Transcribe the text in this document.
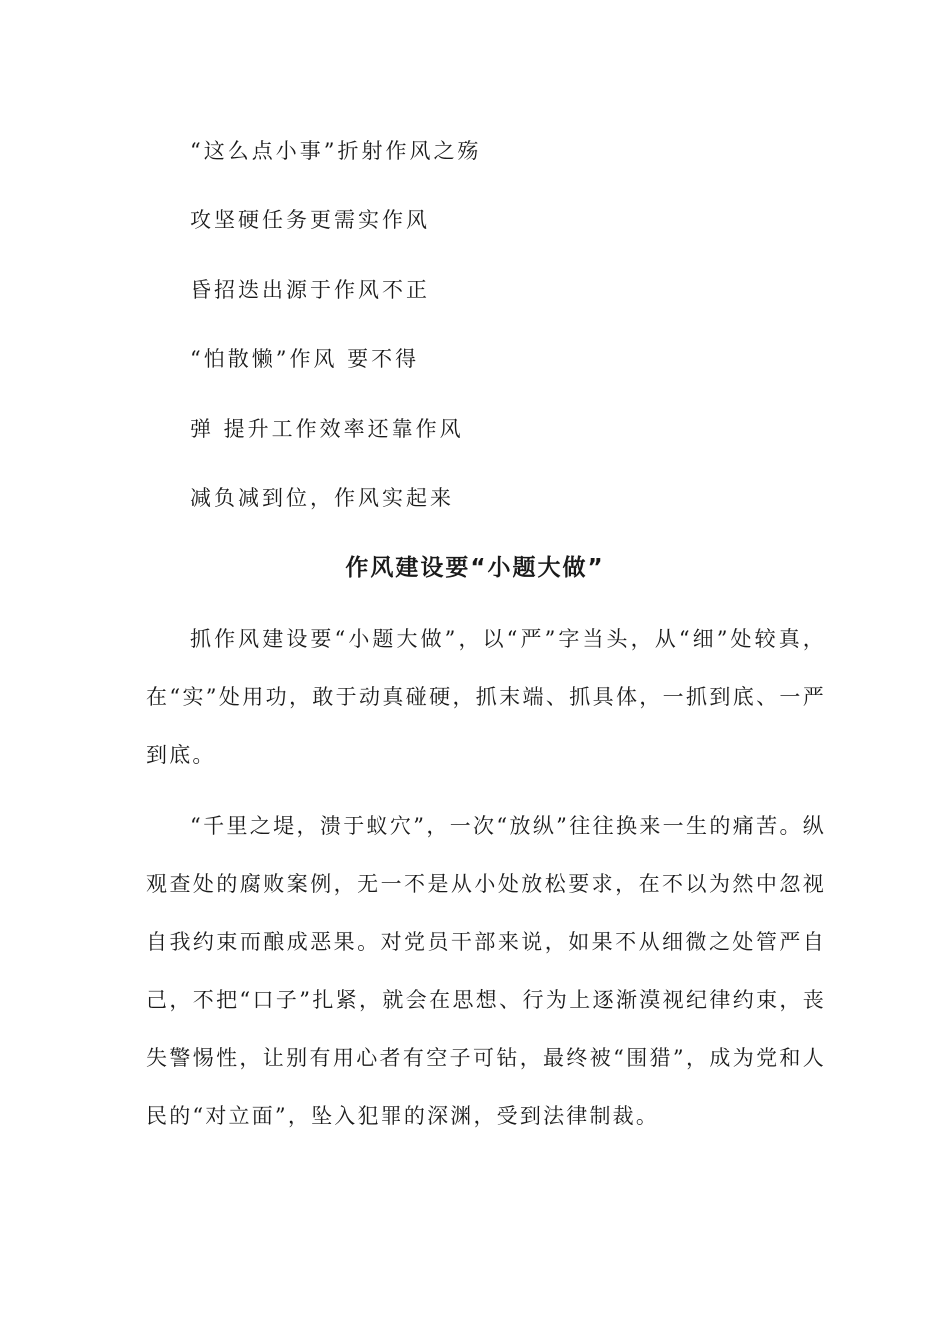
“这么点小事”折射作风之殇
攻坚硬任务更需实作风
昏招迭出源于作风不正
“怕散懒”作风 要不得
弹 提升工作效率还靠作风
减负减到位，作风实起来
作风建设要“小题大做”

抓作风建设要“小题大做”，以“严”字当头，从“细”处较真，在“实”处用功，敢于动真碰硬，抓末端、抓具体，一抓到底、一严到底。

“千里之堤，溃于蚁穴”，一次“放纵”往往换来一生的痛苦。纵观查处的腐败案例，无一不是从小处放松要求，在不以为然中忽视自我约束而酿成恶果。对党员干部来说，如果不从细微之处管严自己，不把“口子”扎紧，就会在思想、行为上逐渐漠视纪律约束，丧失警惕性，让别有用心者有空子可钻，最终被“围猎”，成为党和人民的“对立面”，坠入犯罪的深渊，受到法律制裁。
